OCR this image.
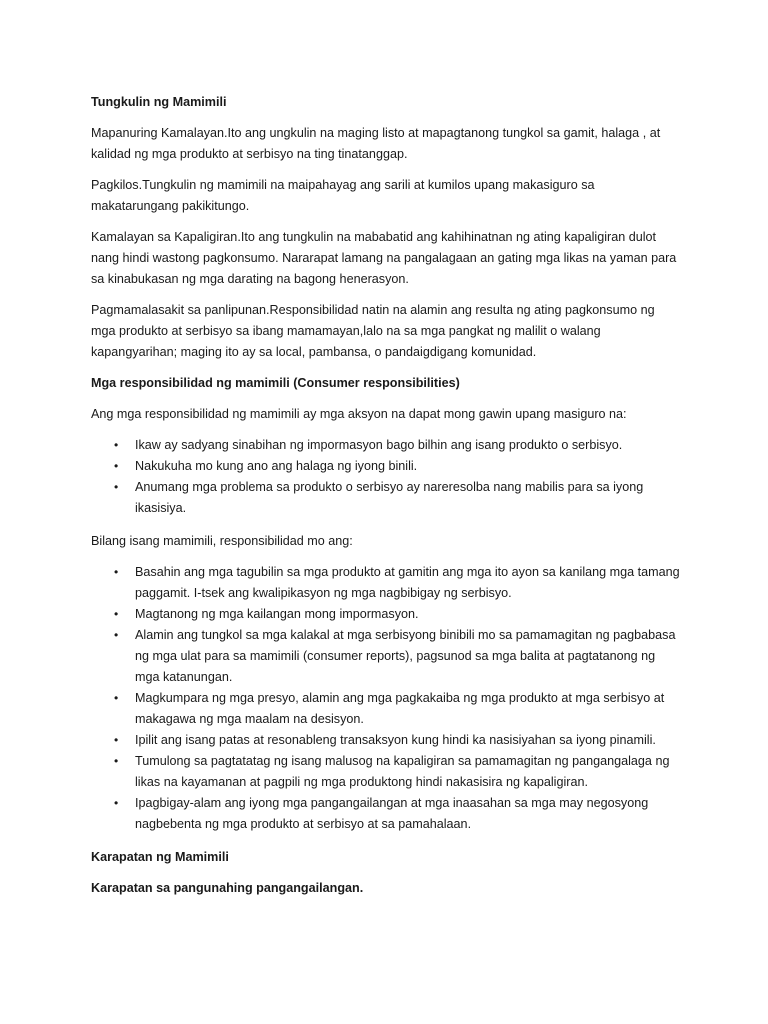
Tungkulin ng Mamimili

Mapanuring Kamalayan.Ito ang ungkulin na maging listo at mapagtanong tungkol sa gamit, halaga , at kalidad ng mga produkto at serbisyo na ting tinatanggap.

Pagkilos.Tungkulin ng mamimili na maipahayag ang sarili at kumilos upang makasiguro sa makatarungang pakikitungo.

Kamalayan sa Kapaligiran.Ito ang tungkulin na mababatid ang kahihinatnan ng ating kapaligiran dulot nang hindi wastong pagkonsumo. Nararapat lamang na pangalagaan an gating mga likas na yaman para sa kinabukasan ng mga darating na bagong henerasyon.

Pagmamalasakit sa panlipunan.Responsibilidad natin na alamin ang resulta ng ating pagkonsumo ng mga produkto at serbisyo sa ibang mamamayan,lalo na sa mga pangkat ng malilit o walang kapangyarihan; maging ito ay sa local, pambansa, o pandaigdigang komunidad.

Mga responsibilidad ng mamimili (Consumer responsibilities)

Ang mga responsibilidad ng mamimili ay mga aksyon na dapat mong gawin upang masiguro na:

• Ikaw ay sadyang sinabihan ng impormasyon bago bilhin ang isang produkto o serbisyo.
• Nakukuha mo kung ano ang halaga ng iyong binili.
• Anumang mga problema sa produkto o serbisyo ay nareresolba nang mabilis para sa iyong ikasisiya.

Bilang isang mamimili, responsibilidad mo ang:

• Basahin ang mga tagubilin sa mga produkto at gamitin ang mga ito ayon sa kanilang mga tamang paggamit. I-tsek ang kwalipikasyon ng mga nagbibigay ng serbisyo.
• Magtanong ng mga kailangan mong impormasyon.
• Alamin ang tungkol sa mga kalakal at mga serbisyong binibili mo sa pamamagitan ng pagbabasa ng mga ulat para sa mamimili (consumer reports), pagsunod sa mga balita at pagtatanong ng mga katanungan.
• Magkumpara ng mga presyo, alamin ang mga pagkakaiba ng mga produkto at mga serbisyo at makagawa ng mga maalam na desisyon.
• Ipilit ang isang patas at resonableng transaksyon kung hindi ka nasisiyahan sa iyong pinamili.
• Tumulong sa pagtatatag ng isang malusog na kapaligiran sa pamamagitan ng pangangalaga ng likas na kayamanan at pagpili ng mga produktong hindi nakasisira ng kapaligiran.
• Ipagbigay-alam ang iyong mga pangangailangan at mga inaasahan sa mga may negosyong nagbebenta ng mga produkto at serbisyo at sa pamahalaan.

Karapatan ng Mamimili

Karapatan sa pangunahing pangangailangan.
